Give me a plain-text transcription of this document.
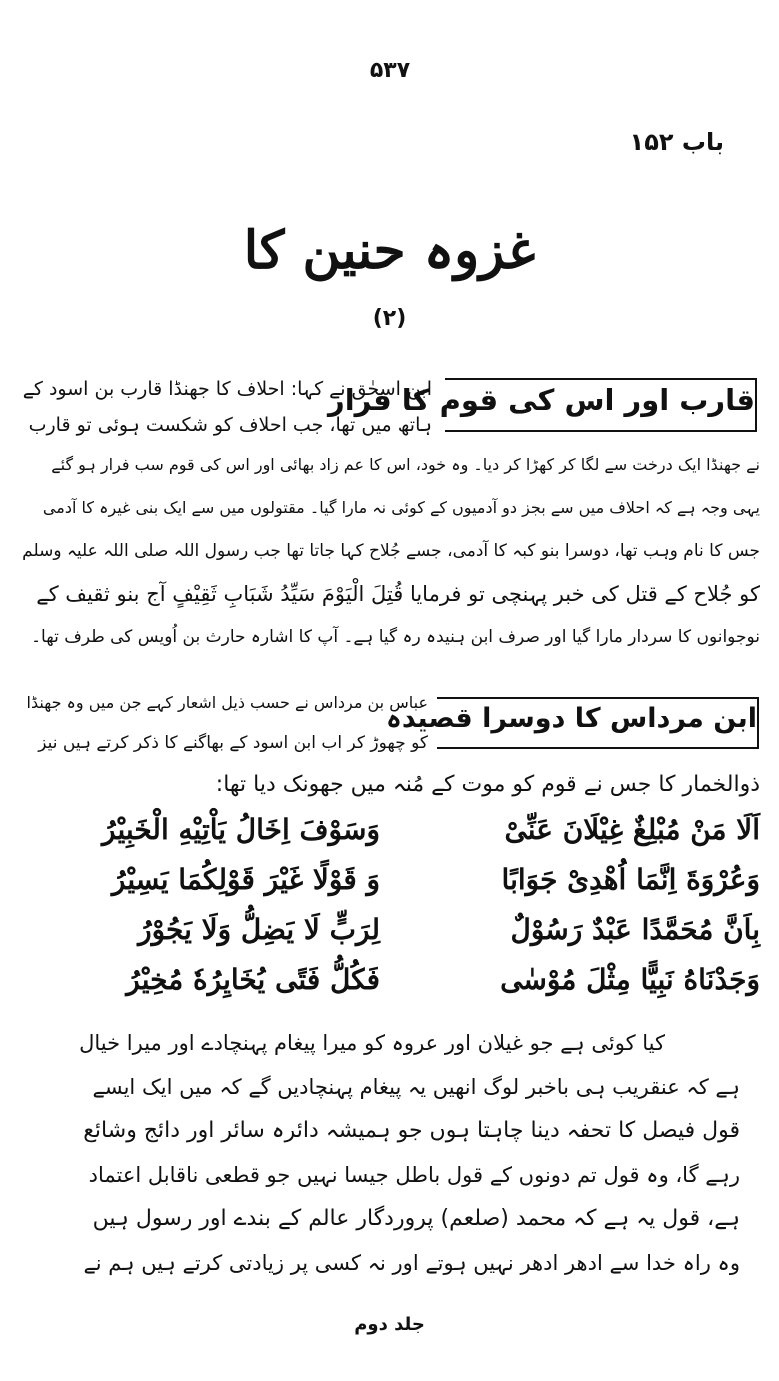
۵۳۷
باب ۱۵۲
غزوہ حنین کا
(۲)
قارب اور اس کی قوم کا فرار
ابن اسحٰق نے کہا: احلاف کا جھنڈا قارب بن اسود کے
ہاتھ میں تھا، جب احلاف کو شکست ہوئی تو قارب
نے جھنڈا ایک درخت سے لگا کر کھڑا کر دیا۔ وہ خود، اس کا عم زاد بھائی اور اس کی قوم سب فرار ہو گئے
یہی وجہ ہے کہ احلاف میں سے بجز دو آدمیوں کے کوئی نہ مارا گیا۔ مقتولوں میں سے ایک بنی غیرہ کا آدمی
جس کا نام وہب تھا، دوسرا بنو کبہ کا آدمی، جسے جُلاح کہا جاتا تھا جب رسول اللہ صلی اللہ علیہ وسلم
کو جُلاح کے قتل کی خبر پہنچی تو فرمایا قُتِلَ الْیَوْمَ سَیِّدُ شَبَابِ ثَقِیْفٍ آج بنو ثقیف کے
نوجوانوں کا سردار مارا گیا اور صرف ابن ہنیدہ رہ گیا ہے۔ آپ کا اشارہ حارث بن اُویس کی طرف تھا۔
ابن مرداس کا دوسرا قصیدہ
عباس بن مرداس نے حسب ذیل اشعار کہے جن میں وہ جھنڈا
کو چھوڑ کر اب ابن اسود کے بھاگنے کا ذکر کرتے ہیں نیز
ذوالخمار کا جس نے قوم کو موت کے مُنہ میں جھونک دیا تھا:
اَلَا مَنْ مُبْلِغٌ غِیْلَانَ عَنِّیْ
وَسَوْفَ اِخَالُ یَاْتِیْهِ الْخَبِیْرُ
وَعُرْوَةَ اِنَّمَا اُهْدِیْ جَوَابًا
وَ قَوْلًا غَیْرَ قَوْلِکُمَا یَسِیْرُ
بِاَنَّ مُحَمَّدًا عَبْدٌ رَسُوْلٌ
لِرَبٍّ لَا یَضِلُّ وَلَا یَجُوْرُ
وَجَدْنَاهُ نَبِیًّا مِثْلَ مُوْسٰی
فَکُلُّ فَتًی یُخَایِرُهٗ مُخِیْرُ
کیا کوئی ہے جو غیلان اور عروہ کو میرا پیغام پہنچادے اور میرا خیال
ہے کہ عنقریب ہی باخبر لوگ انھیں یہ پیغام پہنچادیں گے کہ میں ایک ایسے
قول فیصل کا تحفہ دینا چاہتا ہوں جو ہمیشہ دائرہ سائر اور دائج وشائع
رہے گا، وہ قول تم دونوں کے قول باطل جیسا نہیں جو قطعی ناقابل اعتماد
ہے، قول یہ ہے کہ محمد (صلعم) پروردگار عالم کے بندے اور رسول ہیں
وہ راہ خدا سے ادھر ادھر نہیں ہوتے اور نہ کسی پر زیادتی کرتے ہیں ہم نے
جلد دوم
